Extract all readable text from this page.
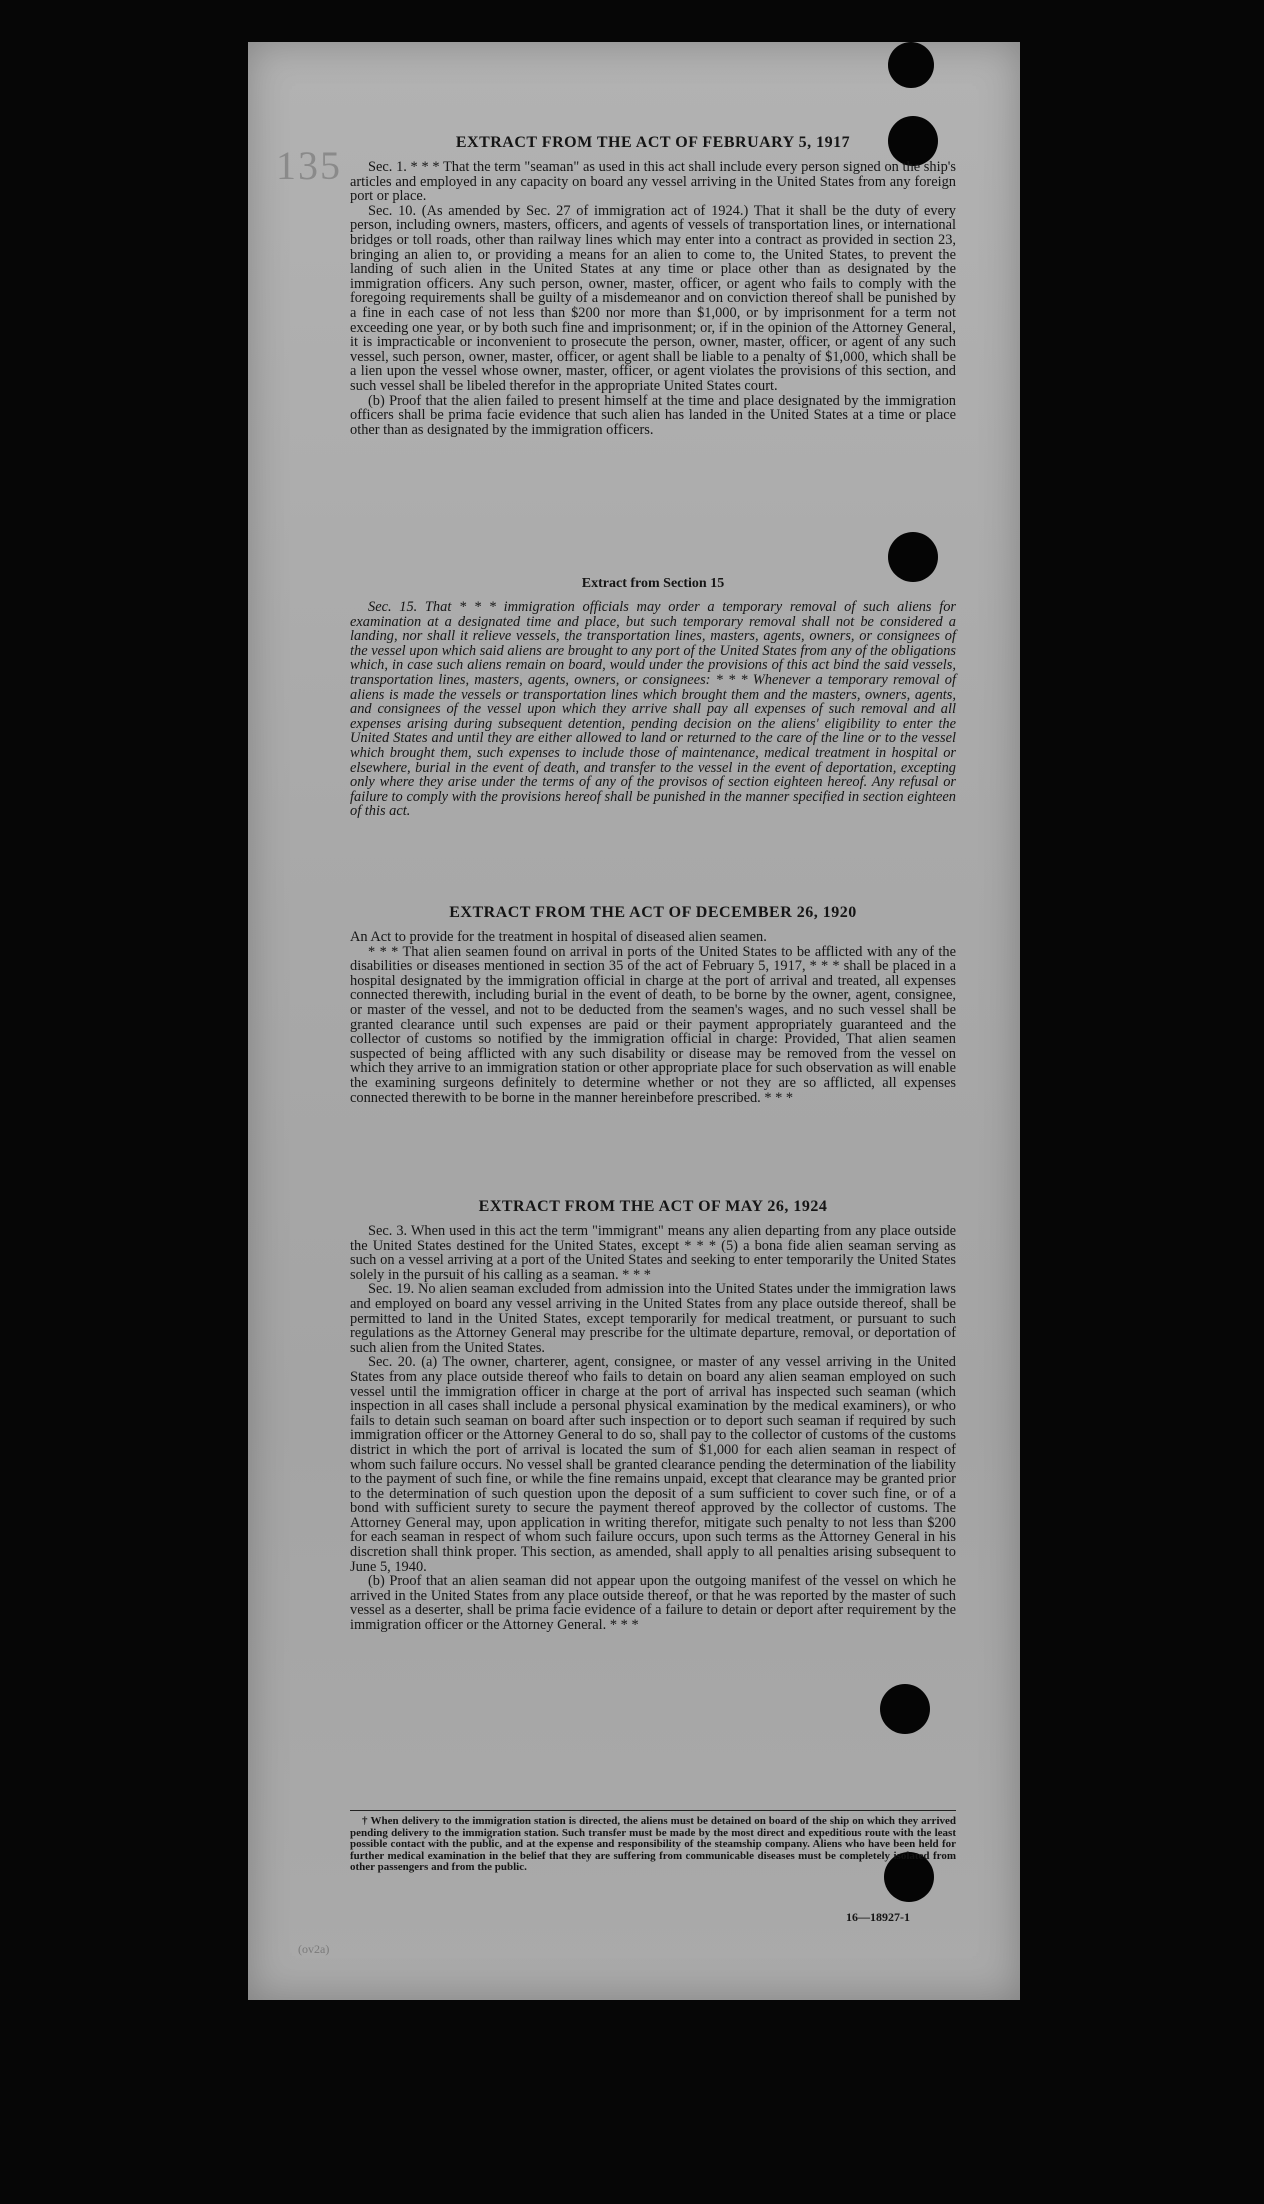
135
EXTRACT FROM THE ACT OF FEBRUARY 5, 1917

Sec. 1. * * * That the term "seaman" as used in this act shall include every person signed on the ship's articles and employed in any capacity on board any vessel arriving in the United States from any foreign port or place.

Sec. 10. (As amended by Sec. 27 of immigration act of 1924.) That it shall be the duty of every person, including owners, masters, officers, and agents of vessels of transportation lines, or international bridges or toll roads, other than railway lines which may enter into a contract as provided in section 23, bringing an alien to, or providing a means for an alien to come to, the United States, to prevent the landing of such alien in the United States at any time or place other than as designated by the immigration officers. Any such person, owner, master, officer, or agent who fails to comply with the foregoing requirements shall be guilty of a misdemeanor and on conviction thereof shall be punished by a fine in each case of not less than $200 nor more than $1,000, or by imprisonment for a term not exceeding one year, or by both such fine and imprisonment; or, if in the opinion of the Attorney General, it is impracticable or inconvenient to prosecute the person, owner, master, officer, or agent of any such vessel, such person, owner, master, officer, or agent shall be liable to a penalty of $1,000, which shall be a lien upon the vessel whose owner, master, officer, or agent violates the provisions of this section, and such vessel shall be libeled therefor in the appropriate United States court.

(b) Proof that the alien failed to present himself at the time and place designated by the immigration officers shall be prima facie evidence that such alien has landed in the United States at a time or place other than as designated by the immigration officers.

Extract from Section 15

Sec. 15. That * * * immigration officials may order a temporary removal of such aliens for examination at a designated time and place, but such temporary removal shall not be considered a landing, nor shall it relieve vessels, the transportation lines, masters, agents, owners, or consignees of the vessel upon which said aliens are brought to any port of the United States from any of the obligations which, in case such aliens remain on board, would under the provisions of this act bind the said vessels, transportation lines, masters, agents, owners, or consignees: * * * Whenever a temporary removal of aliens is made the vessels or transportation lines which brought them and the masters, owners, agents, and consignees of the vessel upon which they arrive shall pay all expenses of such removal and all expenses arising during subsequent detention, pending decision on the aliens' eligibility to enter the United States and until they are either allowed to land or returned to the care of the line or to the vessel which brought them, such expenses to include those of maintenance, medical treatment in hospital or elsewhere, burial in the event of death, and transfer to the vessel in the event of deportation, excepting only where they arise under the terms of any of the provisos of section eighteen hereof. Any refusal or failure to comply with the provisions hereof shall be punished in the manner specified in section eighteen of this act.

EXTRACT FROM THE ACT OF DECEMBER 26, 1920

An Act to provide for the treatment in hospital of diseased alien seamen.

* * * That alien seamen found on arrival in ports of the United States to be afflicted with any of the disabilities or diseases mentioned in section 35 of the act of February 5, 1917, * * * shall be placed in a hospital designated by the immigration official in charge at the port of arrival and treated, all expenses connected therewith, including burial in the event of death, to be borne by the owner, agent, consignee, or master of the vessel, and not to be deducted from the seamen's wages, and no such vessel shall be granted clearance until such expenses are paid or their payment appropriately guaranteed and the collector of customs so notified by the immigration official in charge: Provided, That alien seamen suspected of being afflicted with any such disability or disease may be removed from the vessel on which they arrive to an immigration station or other appropriate place for such observation as will enable the examining surgeons definitely to determine whether or not they are so afflicted, all expenses connected therewith to be borne in the manner hereinbefore prescribed. * * *

EXTRACT FROM THE ACT OF MAY 26, 1924

Sec. 3. When used in this act the term "immigrant" means any alien departing from any place outside the United States destined for the United States, except * * * (5) a bona fide alien seaman serving as such on a vessel arriving at a port of the United States and seeking to enter temporarily the United States solely in the pursuit of his calling as a seaman. * * *

Sec. 19. No alien seaman excluded from admission into the United States under the immigration laws and employed on board any vessel arriving in the United States from any place outside thereof, shall be permitted to land in the United States, except temporarily for medical treatment, or pursuant to such regulations as the Attorney General may prescribe for the ultimate departure, removal, or deportation of such alien from the United States.

Sec. 20. (a) The owner, charterer, agent, consignee, or master of any vessel arriving in the United States from any place outside thereof who fails to detain on board any alien seaman employed on such vessel until the immigration officer in charge at the port of arrival has inspected such seaman (which inspection in all cases shall include a personal physical examination by the medical examiners), or who fails to detain such seaman on board after such inspection or to deport such seaman if required by such immigration officer or the Attorney General to do so, shall pay to the collector of customs of the customs district in which the port of arrival is located the sum of $1,000 for each alien seaman in respect of whom such failure occurs. No vessel shall be granted clearance pending the determination of the liability to the payment of such fine, or while the fine remains unpaid, except that clearance may be granted prior to the determination of such question upon the deposit of a sum sufficient to cover such fine, or of a bond with sufficient surety to secure the payment thereof approved by the collector of customs. The Attorney General may, upon application in writing therefor, mitigate such penalty to not less than $200 for each seaman in respect of whom such failure occurs, upon such terms as the Attorney General in his discretion shall think proper. This section, as amended, shall apply to all penalties arising subsequent to June 5, 1940.

(b) Proof that an alien seaman did not appear upon the outgoing manifest of the vessel on which he arrived in the United States from any place outside thereof, or that he was reported by the master of such vessel as a deserter, shall be prima facie evidence of a failure to detain or deport after requirement by the immigration officer or the Attorney General. * * *

† When delivery to the immigration station is directed, the aliens must be detained on board of the ship on which they arrived pending delivery to the immigration station. Such transfer must be made by the most direct and expeditious route with the least possible contact with the public, and at the expense and responsibility of the steamship company. Aliens who have been held for further medical examination in the belief that they are suffering from communicable diseases must be completely isolated from other passengers and from the public.
16—18927-1
(ov2a)
